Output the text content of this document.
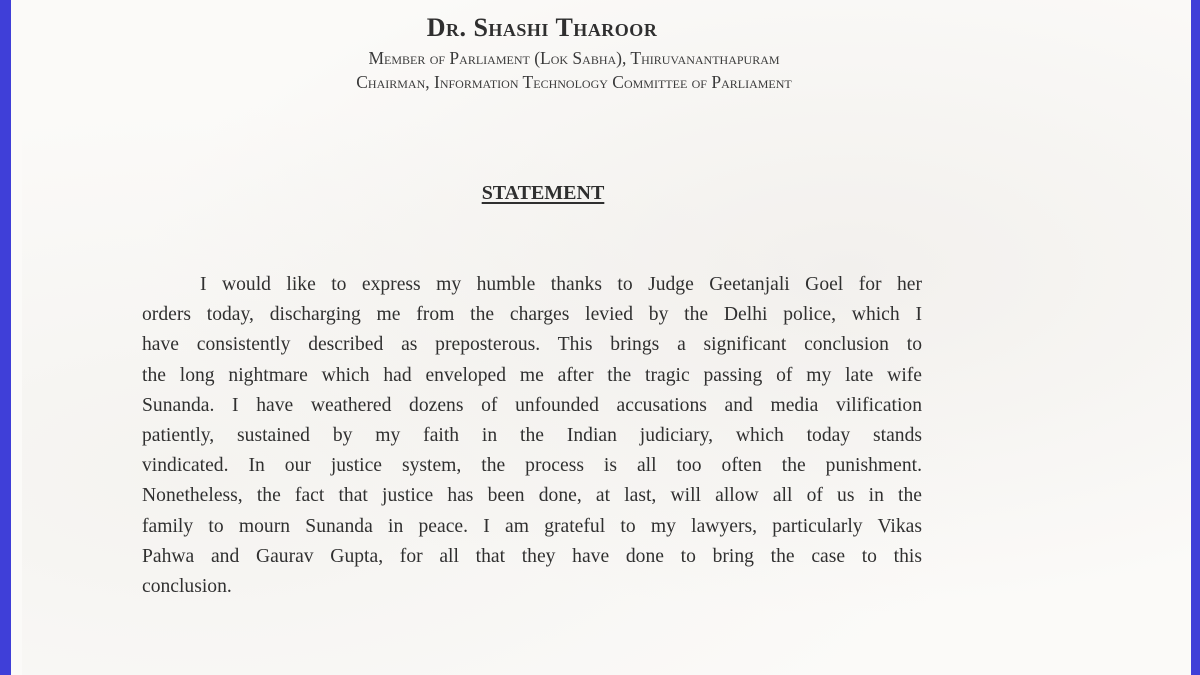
Dr. Shashi Tharoor
Member of Parliament (Lok Sabha), Thiruvananthapuram
Chairman, Information Technology Committee of Parliament
STATEMENT
I would like to express my humble thanks to Judge Geetanjali Goel for her
orders today, discharging me from the charges levied by the Delhi police, which I
have consistently described as preposterous. This brings a significant conclusion to
the long nightmare which had enveloped me after the tragic passing of my late wife
Sunanda. I have weathered dozens of unfounded accusations and media vilification
patiently, sustained by my faith in the Indian judiciary, which today stands
vindicated. In our justice system, the process is all too often the punishment.
Nonetheless, the fact that justice has been done, at last, will allow all of us in the
family to mourn Sunanda in peace. I am grateful to my lawyers, particularly Vikas
Pahwa and Gaurav Gupta, for all that they have done to bring the case to this
conclusion.
